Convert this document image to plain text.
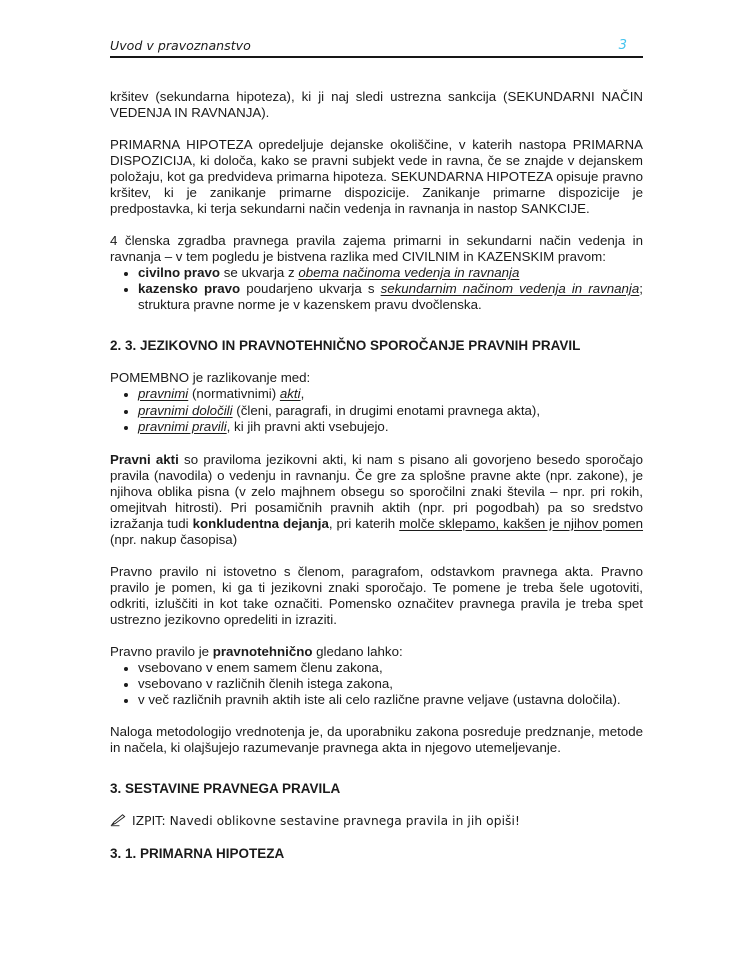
Uvod v pravoznanstvo	3

kršitev (sekundarna hipoteza), ki ji naj sledi ustrezna sankcija (SEKUNDARNI NAČIN VEDENJA IN RAVNANJA).

PRIMARNA HIPOTEZA opredeljuje dejanske okoliščine, v katerih nastopa PRIMARNA DISPOZICIJA, ki določa, kako se pravni subjekt vede in ravna, če se znajde v dejanskem položaju, kot ga predvideva primarna hipoteza. SEKUNDARNA HIPOTEZA opisuje pravno kršitev, ki je zanikanje primarne dispozicije. Zanikanje primarne dispozicije je predpostavka, ki terja sekundarni način vedenja in ravnanja in nastop SANKCIJE.

4 členska zgradba pravnega pravila zajema primarni in sekundarni način vedenja in ravnanja – v tem pogledu je bistvena razlika med CIVILNIM in KAZENSKIM pravom:

• civilno pravo se ukvarja z obema načinoma vedenja in ravnanja
• kazensko pravo poudarjeno ukvarja s sekundarnim načinom vedenja in ravnanja; struktura pravne norme je v kazenskem pravu dvočlenska.
2. 3. JEZIKOVNO IN PRAVNOTEHNIČNO SPOROČANJE PRAVNIH PRAVIL

POMEMBNO je razlikovanje med:

• pravnimi (normativnimi) akti,
• pravnimi določili (členi, paragrafi, in drugimi enotami pravnega akta),
• pravnimi pravili, ki jih pravni akti vsebujejo.

Pravni akti so praviloma jezikovni akti, ki nam s pisano ali govorjeno besedo sporočajo pravila (navodila) o vedenju in ravnanju. Če gre za splošne pravne akte (npr. zakone), je njihova oblika pisna (v zelo majhnem obsegu so sporočilni znaki števila – npr. pri rokih, omejitvah hitrosti). Pri posamičnih pravnih aktih (npr. pri pogodbah) pa so sredstvo izražanja tudi konkludentna dejanja, pri katerih molče sklepamo, kakšen je njihov pomen (npr. nakup časopisa)

Pravno pravilo ni istovetno s členom, paragrafom, odstavkom pravnega akta. Pravno pravilo je pomen, ki ga ti jezikovni znaki sporočajo. Te pomene je treba šele ugotoviti, odkriti, izluščiti in kot take označiti. Pomensko označitev pravnega pravila je treba spet ustrezno jezikovno opredeliti in izraziti.

Pravno pravilo je pravnotehnično gledano lahko:

• vsebovano v enem samem členu zakona,
• vsebovano v različnih členih istega zakona,
• v več različnih pravnih aktih iste ali celo različne pravne veljave (ustavna določila).

Naloga metodologijo vrednotenja je, da uporabniku zakona posreduje predznanje, metode in načela, ki olajšujejo razumevanje pravnega akta in njegovo utemeljevanje.

3. SESTAVINE PRAVNEGA PRAVILA

IZPIT: Navedi oblikovne sestavine pravnega pravila in jih opiši!

3. 1. PRIMARNA HIPOTEZA
